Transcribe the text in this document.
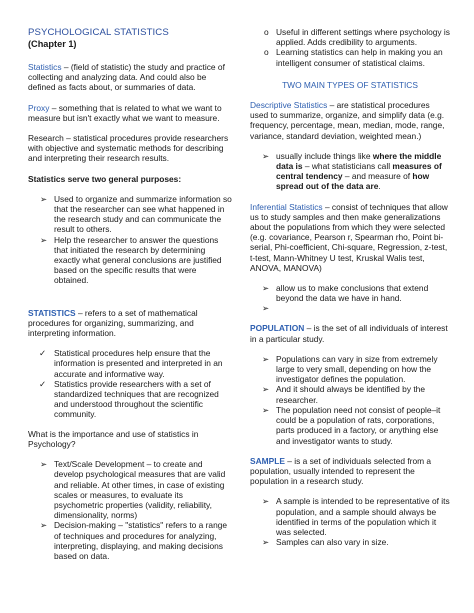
PSYCHOLOGICAL STATISTICS

(Chapter 1)

Statistics – (field of statistic) the study and practice of collecting and analyzing data. And could also be defined as facts about, or summaries of data.

Proxy – something that is related to what we want to measure but isn't exactly what we want to measure.

Research – statistical procedures provide researchers with objective and systematic methods for describing and interpreting their research results.

Statistics serve two general purposes:

➢ Used to organize and summarize information so that the researcher can see what happened in the research study and can communicate the result to others.
➢ Help the researcher to answer the questions that initiated the research by determining exactly what general conclusions are justified based on the specific results that were obtained.

STATISTICS – refers to a set of mathematical procedures for organizing, summarizing, and interpreting information.

✓ Statistical procedures help ensure that the information is presented and interpreted in an accurate and informative way.
✓ Statistics provide researchers with a set of standardized techniques that are recognized and understood throughout the scientific community.

What is the importance and use of statistics in Psychology?

➢ Text/Scale Development – to create and develop psychological measures that are valid and reliable. At other times, in case of existing scales or measures, to evaluate its psychometric properties (validity, reliability, dimensionality, norms)
➢ Decision-making – "statistics" refers to a range of techniques and procedures for analyzing, interpreting, displaying, and making decisions based on data.
o Useful in different settings where psychology is applied. Adds credibility to arguments.
o Learning statistics can help in making you an intelligent consumer of statistical claims.

TWO MAIN TYPES OF STATISTICS

Descriptive Statistics – are statistical procedures used to summarize, organize, and simplify data (e.g. frequency, percentage, mean, median, mode, range, variance, standard deviation, weighted mean.)

➢ usually include things like where the middle data is – what statisticians call measures of central tendency – and measure of how spread out of the data are.

Inferential Statistics – consist of techniques that allow us to study samples and then make generalizations about the populations from which they were selected (e.g. covariance, Pearson r, Spearman rho, Point bi-serial, Phi-coefficient, Chi-square, Regression, z-test, t-test, Mann-Whitney U test, Kruskal Walis test, ANOVA, MANOVA)

➢ allow us to make conclusions that extend beyond the data we have in hand.
➢

POPULATION – is the set of all individuals of interest in a particular study.

➢ Populations can vary in size from extremely large to very small, depending on how the investigator defines the population.
➢ And it should always be identified by the researcher.
➢ The population need not consist of people–it could be a population of rats, corporations, parts produced in a factory, or anything else and investigator wants to study.

SAMPLE – is a set of individuals selected from a population, usually intended to represent the population in a research study.

➢ A sample is intended to be representative of its population, and a sample should always be identified in terms of the population which it was selected.
➢ Samples can also vary in size.
